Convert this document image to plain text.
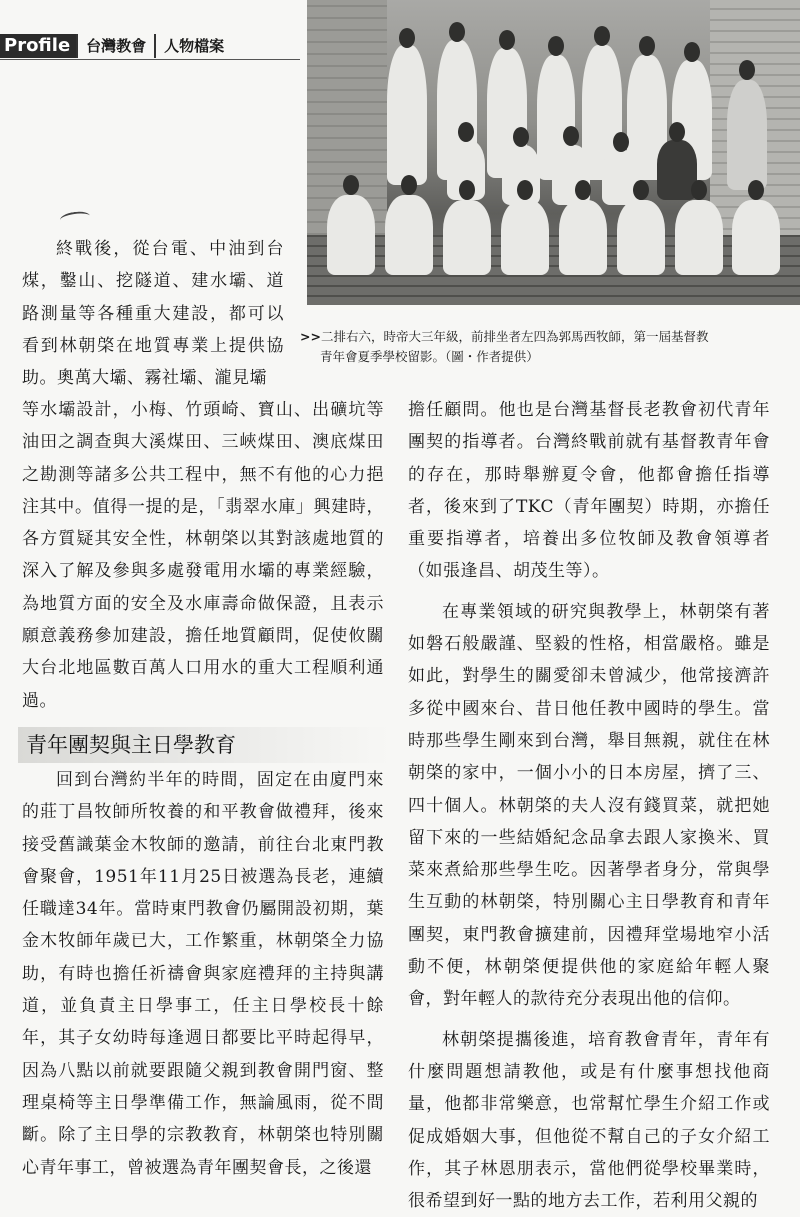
Profile	台灣教會	人物檔案
>>二排右六，時帝大三年級，前排坐者左四為郭馬西牧師，第一屆基督教
青年會夏季學校留影。（圖・作者提供）

終戰後，從台電、中油到台煤，鑿山、挖隧道、建水壩、道路測量等各種重大建設，都可以看到林朝棨在地質專業上提供協助。奧萬大壩、霧社壩、瀧見壩

等水壩設計，小梅、竹頭崎、寶山、出礦坑等油田之調查與大溪煤田、三峽煤田、澳底煤田之勘測等諸多公共工程中，無不有他的心力挹注其中。值得一提的是，「翡翠水庫」興建時，各方質疑其安全性，林朝棨以其對該處地質的深入了解及參與多處發電用水壩的專業經驗，為地質方面的安全及水庫壽命做保證，且表示願意義務參加建設，擔任地質顧問，促使攸關大台北地區數百萬人口用水的重大工程順利通過。

青年團契與主日學教育

回到台灣約半年的時間，固定在由廈門來的莊丁昌牧師所牧養的和平教會做禮拜，後來接受舊識葉金木牧師的邀請，前往台北東門教會聚會，1951年11月25日被選為長老，連續任職達34年。當時東門教會仍屬開設初期，葉金木牧師年歲已大，工作繁重，林朝棨全力協助，有時也擔任祈禱會與家庭禮拜的主持與講道，並負責主日學事工，任主日學校長十餘年，其子女幼時每逢週日都要比平時起得早，因為八點以前就要跟隨父親到教會開門窗、整理桌椅等主日學準備工作，無論風雨，從不間斷。除了主日學的宗教教育，林朝棨也特別關心青年事工，曾被選為青年團契會長，之後還

擔任顧問。他也是台灣基督長老教會初代青年團契的指導者。台灣終戰前就有基督教青年會的存在，那時舉辦夏令會，他都會擔任指導者，後來到了TKC（青年團契）時期，亦擔任重要指導者，培養出多位牧師及教會領導者（如張逢昌、胡茂生等）。

在專業領域的研究與教學上，林朝棨有著如磐石般嚴謹、堅毅的性格，相當嚴格。雖是如此，對學生的關愛卻未曾減少，他常接濟許多從中國來台、昔日他任教中國時的學生。當時那些學生剛來到台灣，舉目無親，就住在林朝棨的家中，一個小小的日本房屋，擠了三、四十個人。林朝棨的夫人沒有錢買菜，就把她留下來的一些結婚紀念品拿去跟人家換米、買菜來煮給那些學生吃。因著學者身分，常與學生互動的林朝棨，特別關心主日學教育和青年團契，東門教會擴建前，因禮拜堂場地窄小活動不便，林朝棨便提供他的家庭給年輕人聚會，對年輕人的款待充分表現出他的信仰。

林朝棨提攜後進，培育教會青年，青年有什麼問題想請教他，或是有什麼事想找他商量，他都非常樂意，也常幫忙學生介紹工作或促成婚姻大事，但他從不幫自己的子女介紹工作，其子林恩朋表示，當他們從學校畢業時，很希望到好一點的地方去工作，若利用父親的
